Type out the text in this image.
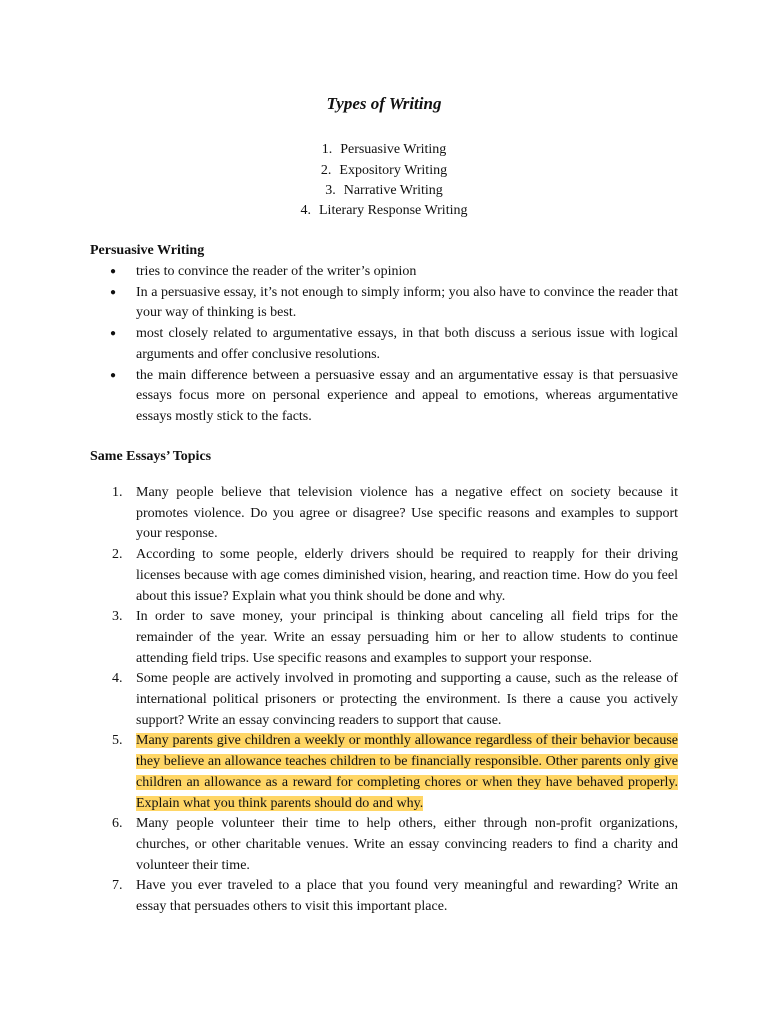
Types of Writing
1. Persuasive Writing
2. Expository Writing
3. Narrative Writing
4. Literary Response Writing
Persuasive Writing
● tries to convince the reader of the writer’s opinion
● In a persuasive essay, it’s not enough to simply inform; you also have to convince the reader that your way of thinking is best.
● most closely related to argumentative essays, in that both discuss a serious issue with logical arguments and offer conclusive resolutions.
● the main difference between a persuasive essay and an argumentative essay is that persuasive essays focus more on personal experience and appeal to emotions, whereas argumentative essays mostly stick to the facts.
Same Essays’ Topics
1. Many people believe that television violence has a negative effect on society because it promotes violence. Do you agree or disagree? Use specific reasons and examples to support your response.
2. According to some people, elderly drivers should be required to reapply for their driving licenses because with age comes diminished vision, hearing, and reaction time. How do you feel about this issue? Explain what you think should be done and why.
3. In order to save money, your principal is thinking about canceling all field trips for the remainder of the year. Write an essay persuading him or her to allow students to continue attending field trips. Use specific reasons and examples to support your response.
4. Some people are actively involved in promoting and supporting a cause, such as the release of international political prisoners or protecting the environment. Is there a cause you actively support? Write an essay convincing readers to support that cause.
5. Many parents give children a weekly or monthly allowance regardless of their behavior because they believe an allowance teaches children to be financially responsible. Other parents only give children an allowance as a reward for completing chores or when they have behaved properly. Explain what you think parents should do and why.
6. Many people volunteer their time to help others, either through non-profit organizations, churches, or other charitable venues. Write an essay convincing readers to find a charity and volunteer their time.
7. Have you ever traveled to a place that you found very meaningful and rewarding? Write an essay that persuades others to visit this important place.
